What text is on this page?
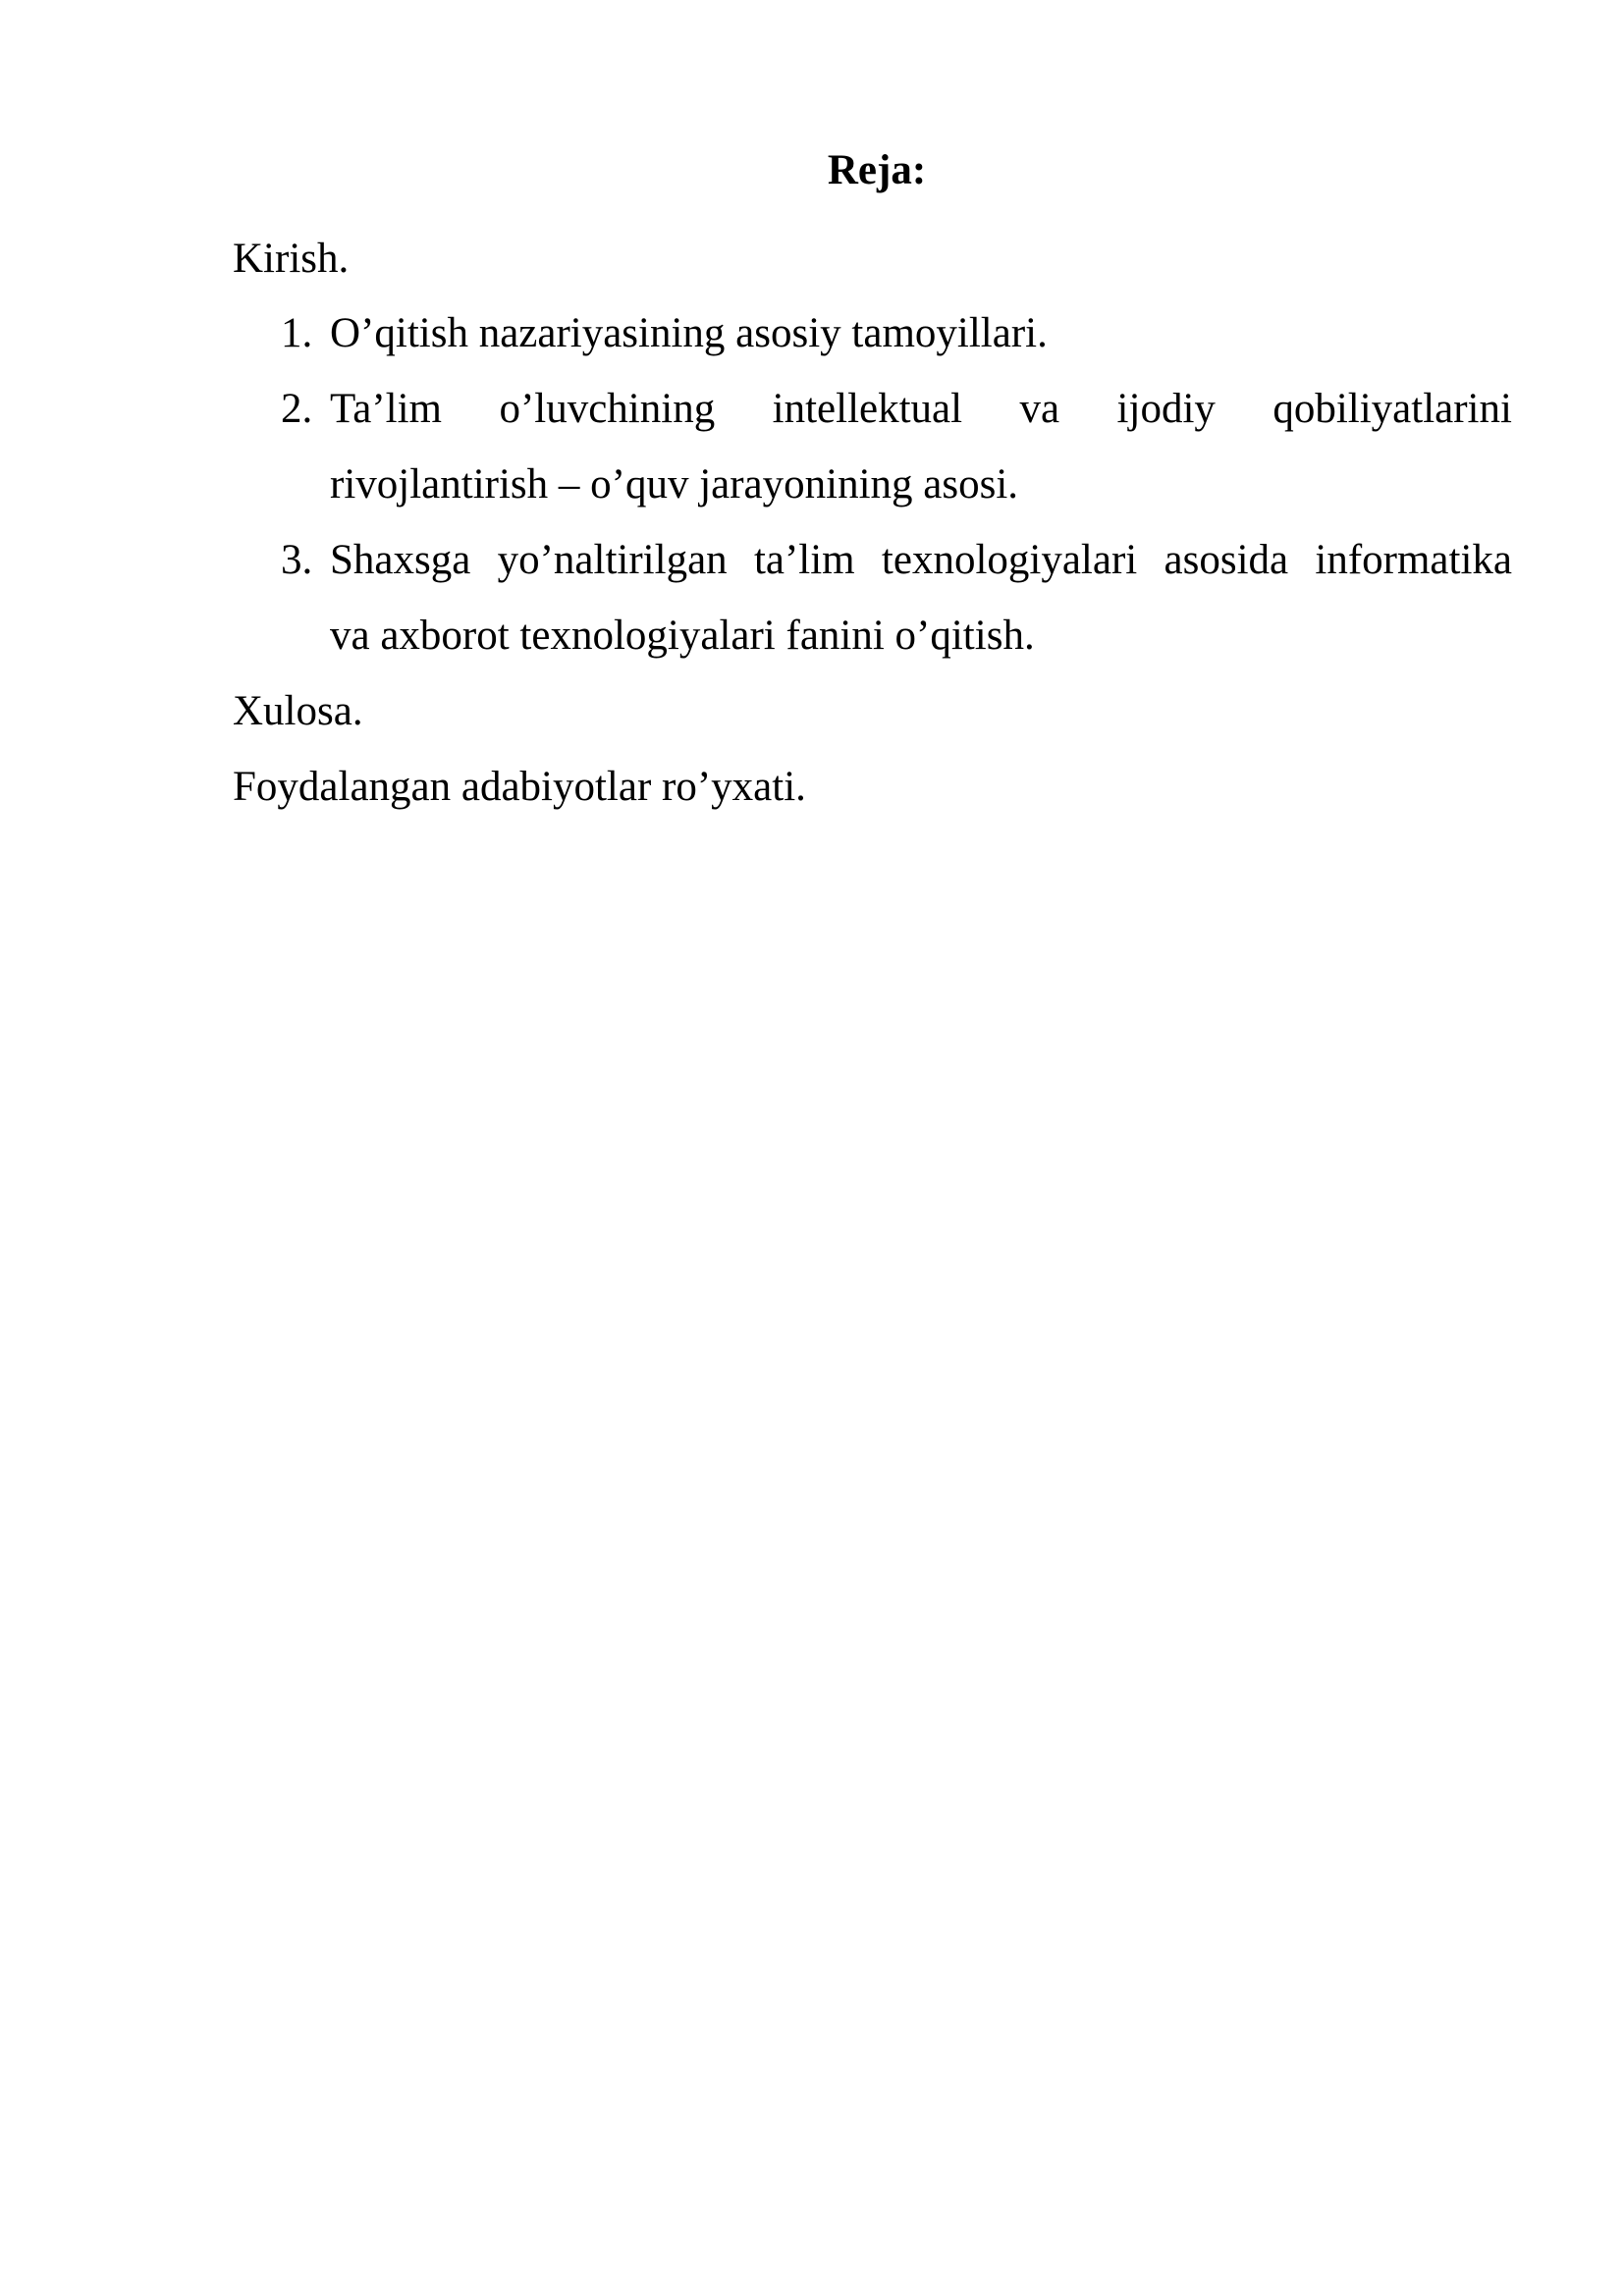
Reja:
Kirish.
1. O’qitish nazariyasining asosiy tamoyillari.
2. Ta’lim o’luvchining intellektual va ijodiy qobiliyatlarini
rivojlantirish – o’quv jarayonining asosi.
3. Shaxsga yo’naltirilgan ta’lim texnologiyalari asosida informatika
va axborot texnologiyalari fanini o’qitish.
Xulosa.
Foydalangan adabiyotlar ro’yxati.
